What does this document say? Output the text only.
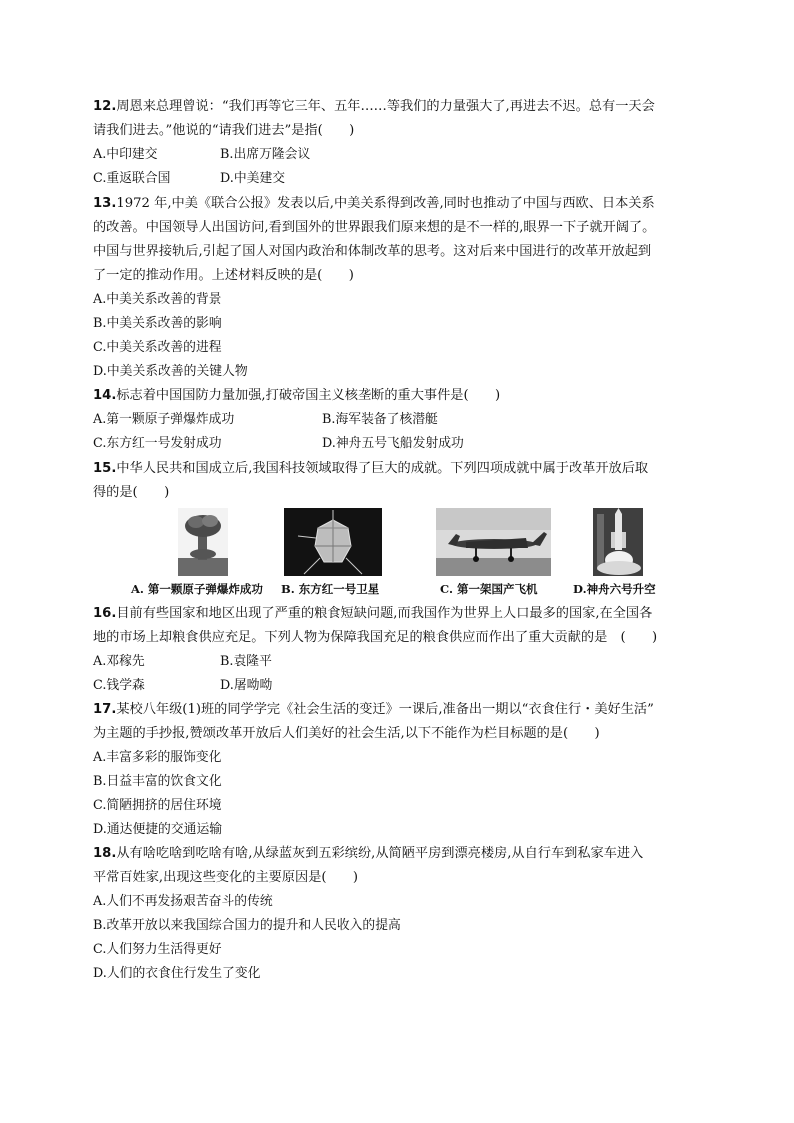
12.周恩来总理曾说：“我们再等它三年、五年……等我们的力量强大了,再进去不迟。总有一天会
请我们进去。”他说的“请我们进去”是指(　　)
A.中印建交	B.出席万隆会议
C.重返联合国	D.中美建交
13.1972 年,中美《联合公报》发表以后,中美关系得到改善,同时也推动了中国与西欧、日本关系
的改善。中国领导人出国访问,看到国外的世界跟我们原来想的是不一样的,眼界一下子就开阔了。
中国与世界接轨后,引起了国人对国内政治和体制改革的思考。这对后来中国进行的改革开放起到
了一定的推动作用。上述材料反映的是(　　)
A.中美关系改善的背景
B.中美关系改善的影响
C.中美关系改善的进程
D.中美关系改善的关键人物
14.标志着中国国防力量加强,打破帝国主义核垄断的重大事件是(　　)
A.第一颗原子弹爆炸成功	B.海军装备了核潜艇
C.东方红一号发射成功	D.神舟五号飞船发射成功
15.中华人民共和国成立后,我国科技领域取得了巨大的成就。下列四项成就中属于改革开放后取
得的是(　　)
A. 第一颗原子弹爆炸成功 B. 东方红一号卫星	C. 第一架国产飞机	D.神舟六号升空
16.目前有些国家和地区出现了严重的粮食短缺问题,而我国作为世界上人口最多的国家,在全国各
地的市场上却粮食供应充足。下列人物为保障我国充足的粮食供应而作出了重大贡献的是　(　　)
A.邓稼先	B.袁隆平
C.钱学森	D.屠呦呦
17.某校八年级(1)班的同学学完《社会生活的变迁》一课后,准备出一期以“衣食住行・美好生活”
为主题的手抄报,赞颂改革开放后人们美好的社会生活,以下不能作为栏目标题的是(　　)
A.丰富多彩的服饰变化
B.日益丰富的饮食文化
C.简陋拥挤的居住环境
D.通达便捷的交通运输
18.从有啥吃啥到吃啥有啥,从绿蓝灰到五彩缤纷,从简陋平房到漂亮楼房,从自行车到私家车进入
平常百姓家,出现这些变化的主要原因是(　　)
A.人们不再发扬艰苦奋斗的传统
B.改革开放以来我国综合国力的提升和人民收入的提高
C.人们努力生活得更好
D.人们的衣食住行发生了变化
